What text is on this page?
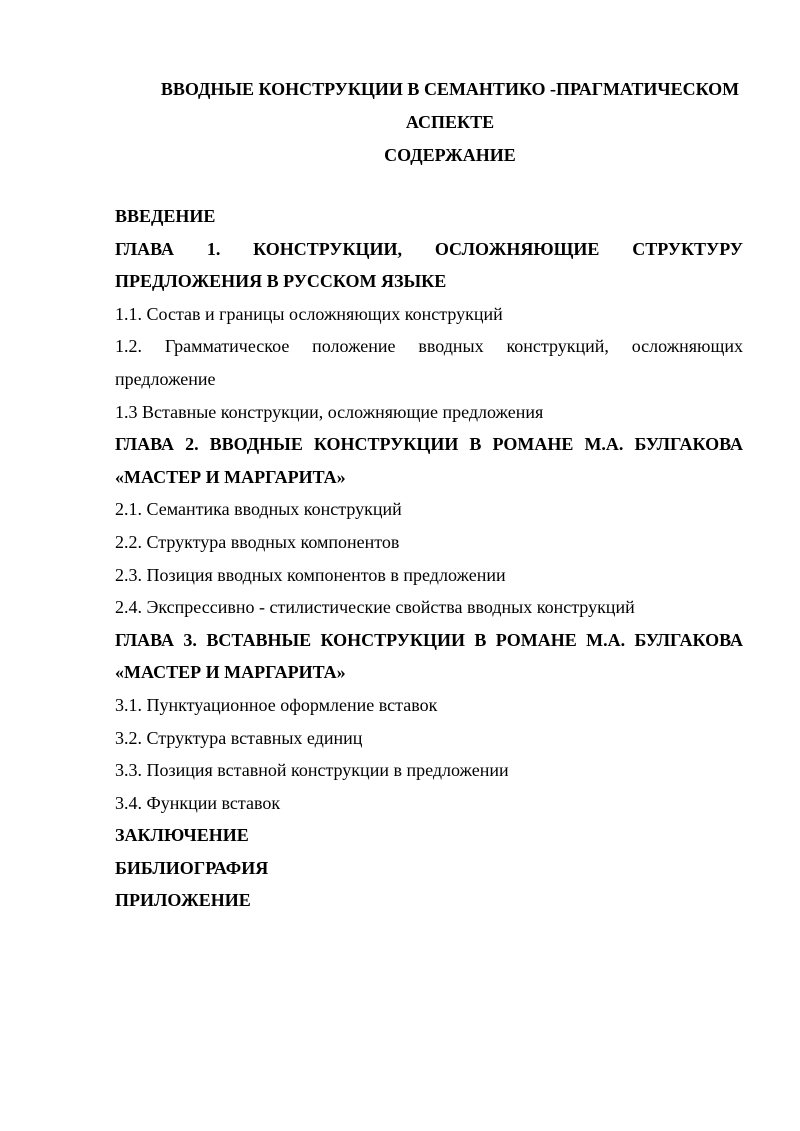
ВВОДНЫЕ КОНСТРУКЦИИ В СЕМАНТИКО -ПРАГМАТИЧЕСКОМ
АСПЕКТЕ
СОДЕРЖАНИЕ
ВВЕДЕНИЕ
ГЛАВА 1. КОНСТРУКЦИИ, ОСЛОЖНЯЮЩИЕ СТРУКТУРУ
ПРЕДЛОЖЕНИЯ В РУССКОМ ЯЗЫКЕ
1.1. Состав и границы осложняющих конструкций
1.2. Грамматическое положение вводных конструкций, осложняющих
предложение
1.3 Вставные конструкции, осложняющие предложения
ГЛАВА 2. ВВОДНЫЕ КОНСТРУКЦИИ В РОМАНЕ М.А. БУЛГАКОВА
«МАСТЕР И МАРГАРИТА»
2.1. Семантика вводных конструкций
2.2. Структура вводных компонентов
2.3. Позиция вводных компонентов в предложении
2.4. Экспрессивно - стилистические свойства вводных конструкций
ГЛАВА 3. ВСТАВНЫЕ КОНСТРУКЦИИ В РОМАНЕ М.А. БУЛГАКОВА
«МАСТЕР И МАРГАРИТА»
3.1. Пунктуационное оформление вставок
3.2. Структура вставных единиц
3.3. Позиция вставной конструкции в предложении
3.4. Функции вставок
ЗАКЛЮЧЕНИЕ
БИБЛИОГРАФИЯ
ПРИЛОЖЕНИЕ
